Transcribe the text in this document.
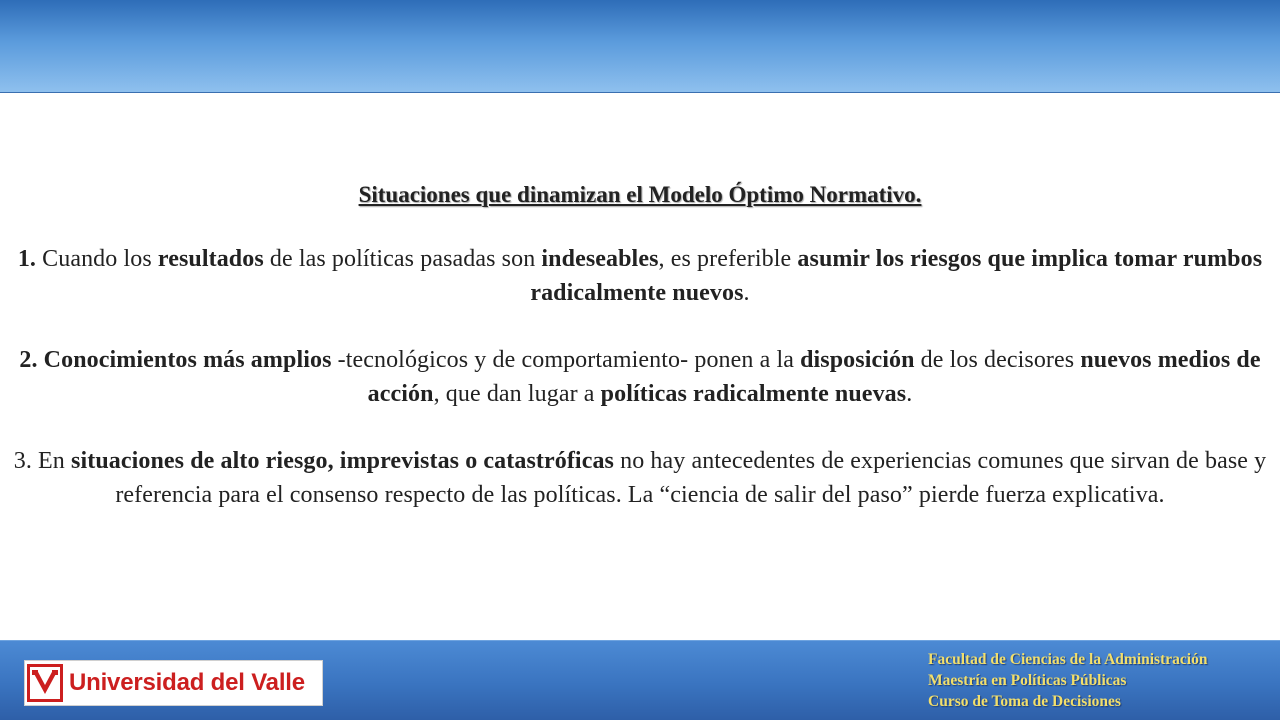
Situaciones que dinamizan el Modelo Óptimo Normativo.

1. Cuando los resultados de las políticas pasadas son indeseables, es preferible asumir los riesgos que implica tomar rumbos radicalmente nuevos.

2. Conocimientos más amplios -tecnológicos y de comportamiento- ponen a la disposición de los decisores nuevos medios de acción, que dan lugar a políticas radicalmente nuevas.

3. En situaciones de alto riesgo, imprevistas o catastróficas no hay antecedentes de experiencias comunes que sirvan de base y referencia para el consenso respecto de las políticas. La “ciencia de salir del paso” pierde fuerza explicativa.

Universidad del Valle
Facultad de Ciencias de la Administración
Maestría en Políticas Públicas
Curso de Toma de Decisiones
